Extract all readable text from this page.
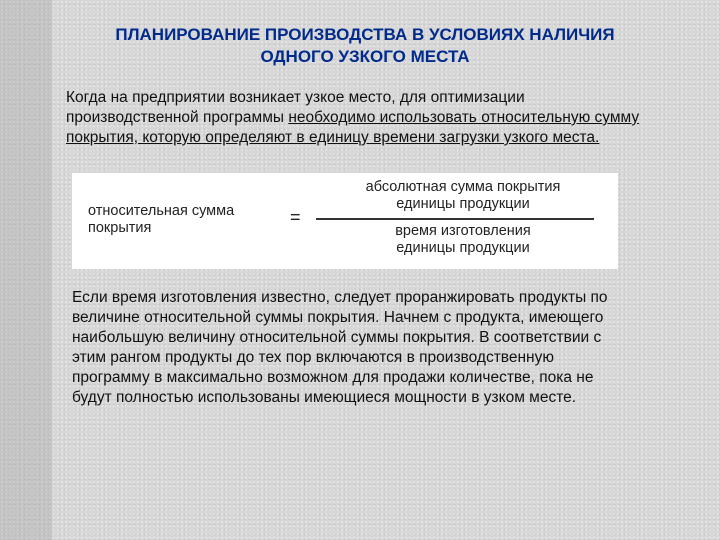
ПЛАНИРОВАНИЕ ПРОИЗВОДСТВА В УСЛОВИЯХ НАЛИЧИЯ
ОДНОГО УЗКОГО МЕСТА

Когда на предприятии возникает узкое место, для оптимизации производственной программы необходимо использовать относительную сумму покрытия, которую определяют в единицу времени загрузки узкого места.

относительная сумма
покрытия
=
абсолютная сумма покрытия
единицы продукции
время изготовления
единицы продукции

Если время изготовления известно, следует проранжировать продукты по величине относительной суммы покрытия. Начнем с продукта, имеющего наибольшую величину относительной суммы покрытия. В соответствии с этим рангом продукты до тех пор включаются в производственную программу в максимально возможном для продажи количестве, пока не будут полностью использованы имеющиеся мощности в узком месте.
